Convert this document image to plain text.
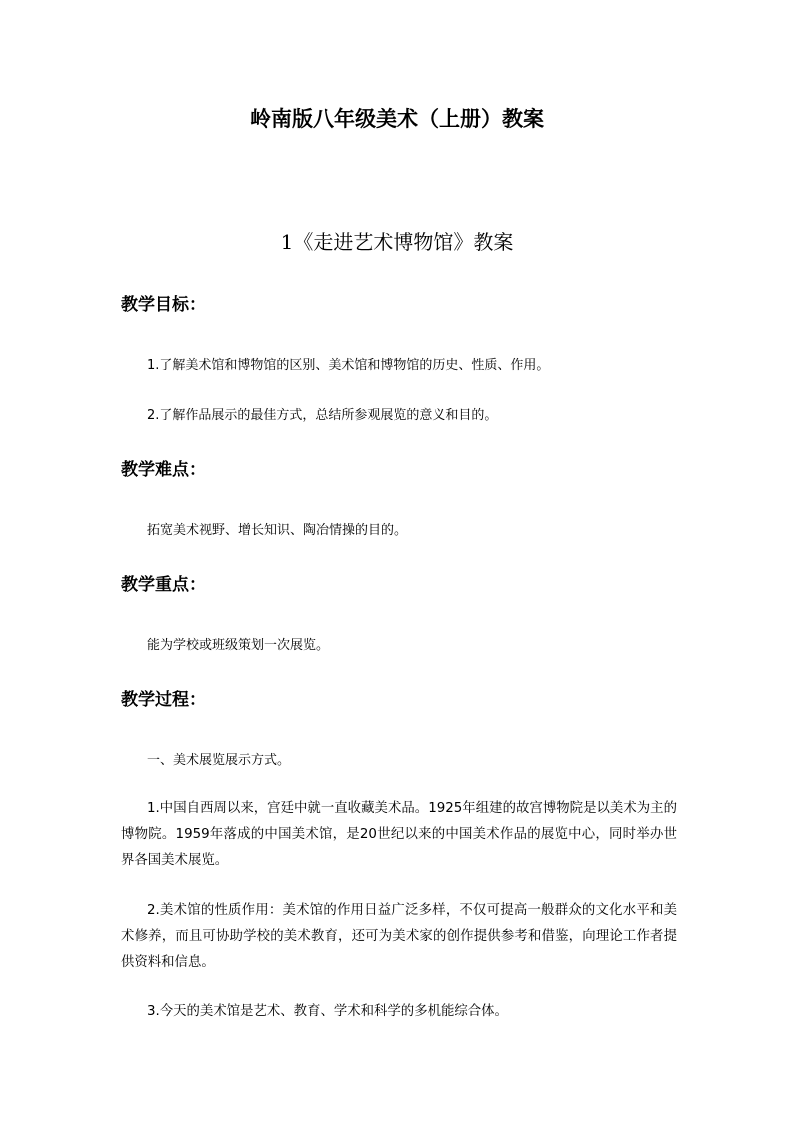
岭南版八年级美术（上册）教案
1《走进艺术博物馆》教案
教学目标：
1.了解美术馆和博物馆的区别、美术馆和博物馆的历史、性质、作用。
2.了解作品展示的最佳方式，总结所参观展览的意义和目的。
教学难点：
拓宽美术视野、增长知识、陶冶情操的目的。
教学重点：
能为学校或班级策划一次展览。
教学过程：
一、美术展览展示方式。
1.中国自西周以来，宫廷中就一直收藏美术品。1925年组建的故宫博物院是以美术为主的博物院。1959年落成的中国美术馆，是20世纪以来的中国美术作品的展览中心，同时举办世界各国美术展览。
2.美术馆的性质作用：美术馆的作用日益广泛多样，不仅可提高一般群众的文化水平和美术修养，而且可协助学校的美术教育，还可为美术家的创作提供参考和借鉴，向理论工作者提供资料和信息。
3.今天的美术馆是艺术、教育、学术和科学的多机能综合体。
